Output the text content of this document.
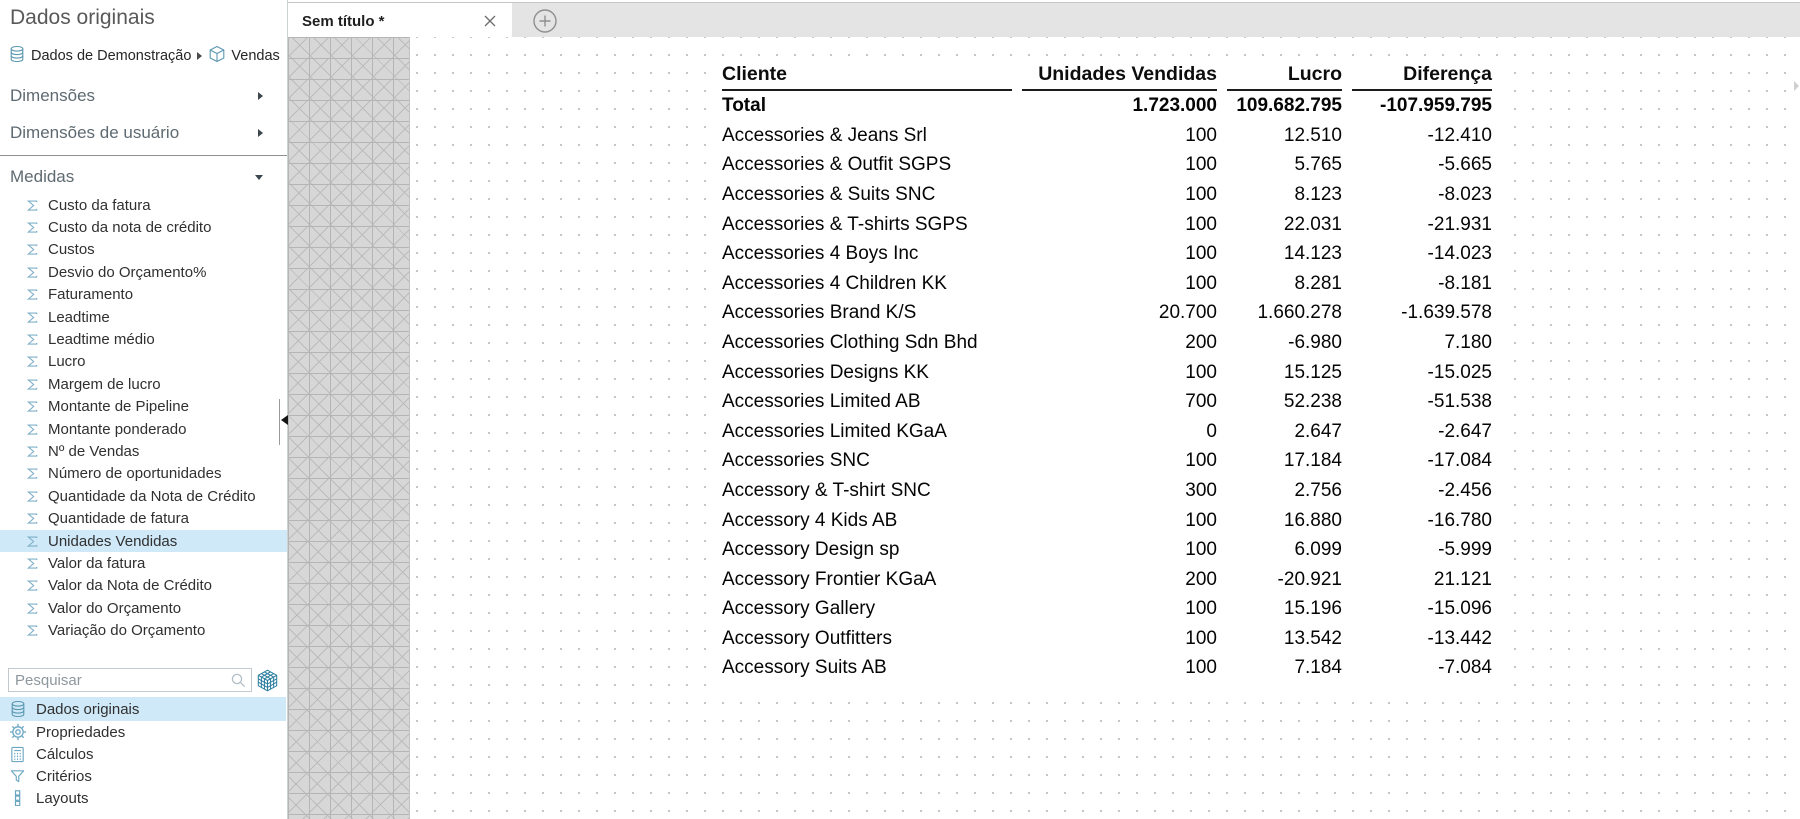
Dados originais
Dados de Demonstração	Vendas
Dimensões
Dimensões de usuário
Medidas
Custo da fatura
Custo da nota de crédito
Custos
Desvio do Orçamento%
Faturamento
Leadtime
Leadtime médio
Lucro
Margem de lucro
Montante de Pipeline
Montante ponderado
Nº de Vendas
Número de oportunidades
Quantidade da Nota de Crédito
Quantidade de fatura
Unidades Vendidas
Valor da fatura
Valor da Nota de Crédito
Valor do Orçamento
Variação do Orçamento
Pesquisar
Dados originais
Propriedades
Cálculos
Critérios
Layouts
Sem título *
Cliente	Unidades Vendidas	Lucro	Diferença
Total	1.723.000	109.682.795	-107.959.795
Accessories & Jeans Srl	100	12.510	-12.410
Accessories & Outfit SGPS	100	5.765	-5.665
Accessories & Suits SNC	100	8.123	-8.023
Accessories & T-shirts SGPS	100	22.031	-21.931
Accessories 4 Boys Inc	100	14.123	-14.023
Accessories 4 Children KK	100	8.281	-8.181
Accessories Brand K/S	20.700	1.660.278	-1.639.578
Accessories Clothing Sdn Bhd	200	-6.980	7.180
Accessories Designs KK	100	15.125	-15.025
Accessories Limited AB	700	52.238	-51.538
Accessories Limited KGaA	0	2.647	-2.647
Accessories SNC	100	17.184	-17.084
Accessory & T-shirt SNC	300	2.756	-2.456
Accessory 4 Kids AB	100	16.880	-16.780
Accessory Design sp	100	6.099	-5.999
Accessory Frontier KGaA	200	-20.921	21.121
Accessory Gallery	100	15.196	-15.096
Accessory Outfitters	100	13.542	-13.442
Accessory Suits AB	100	7.184	-7.084
